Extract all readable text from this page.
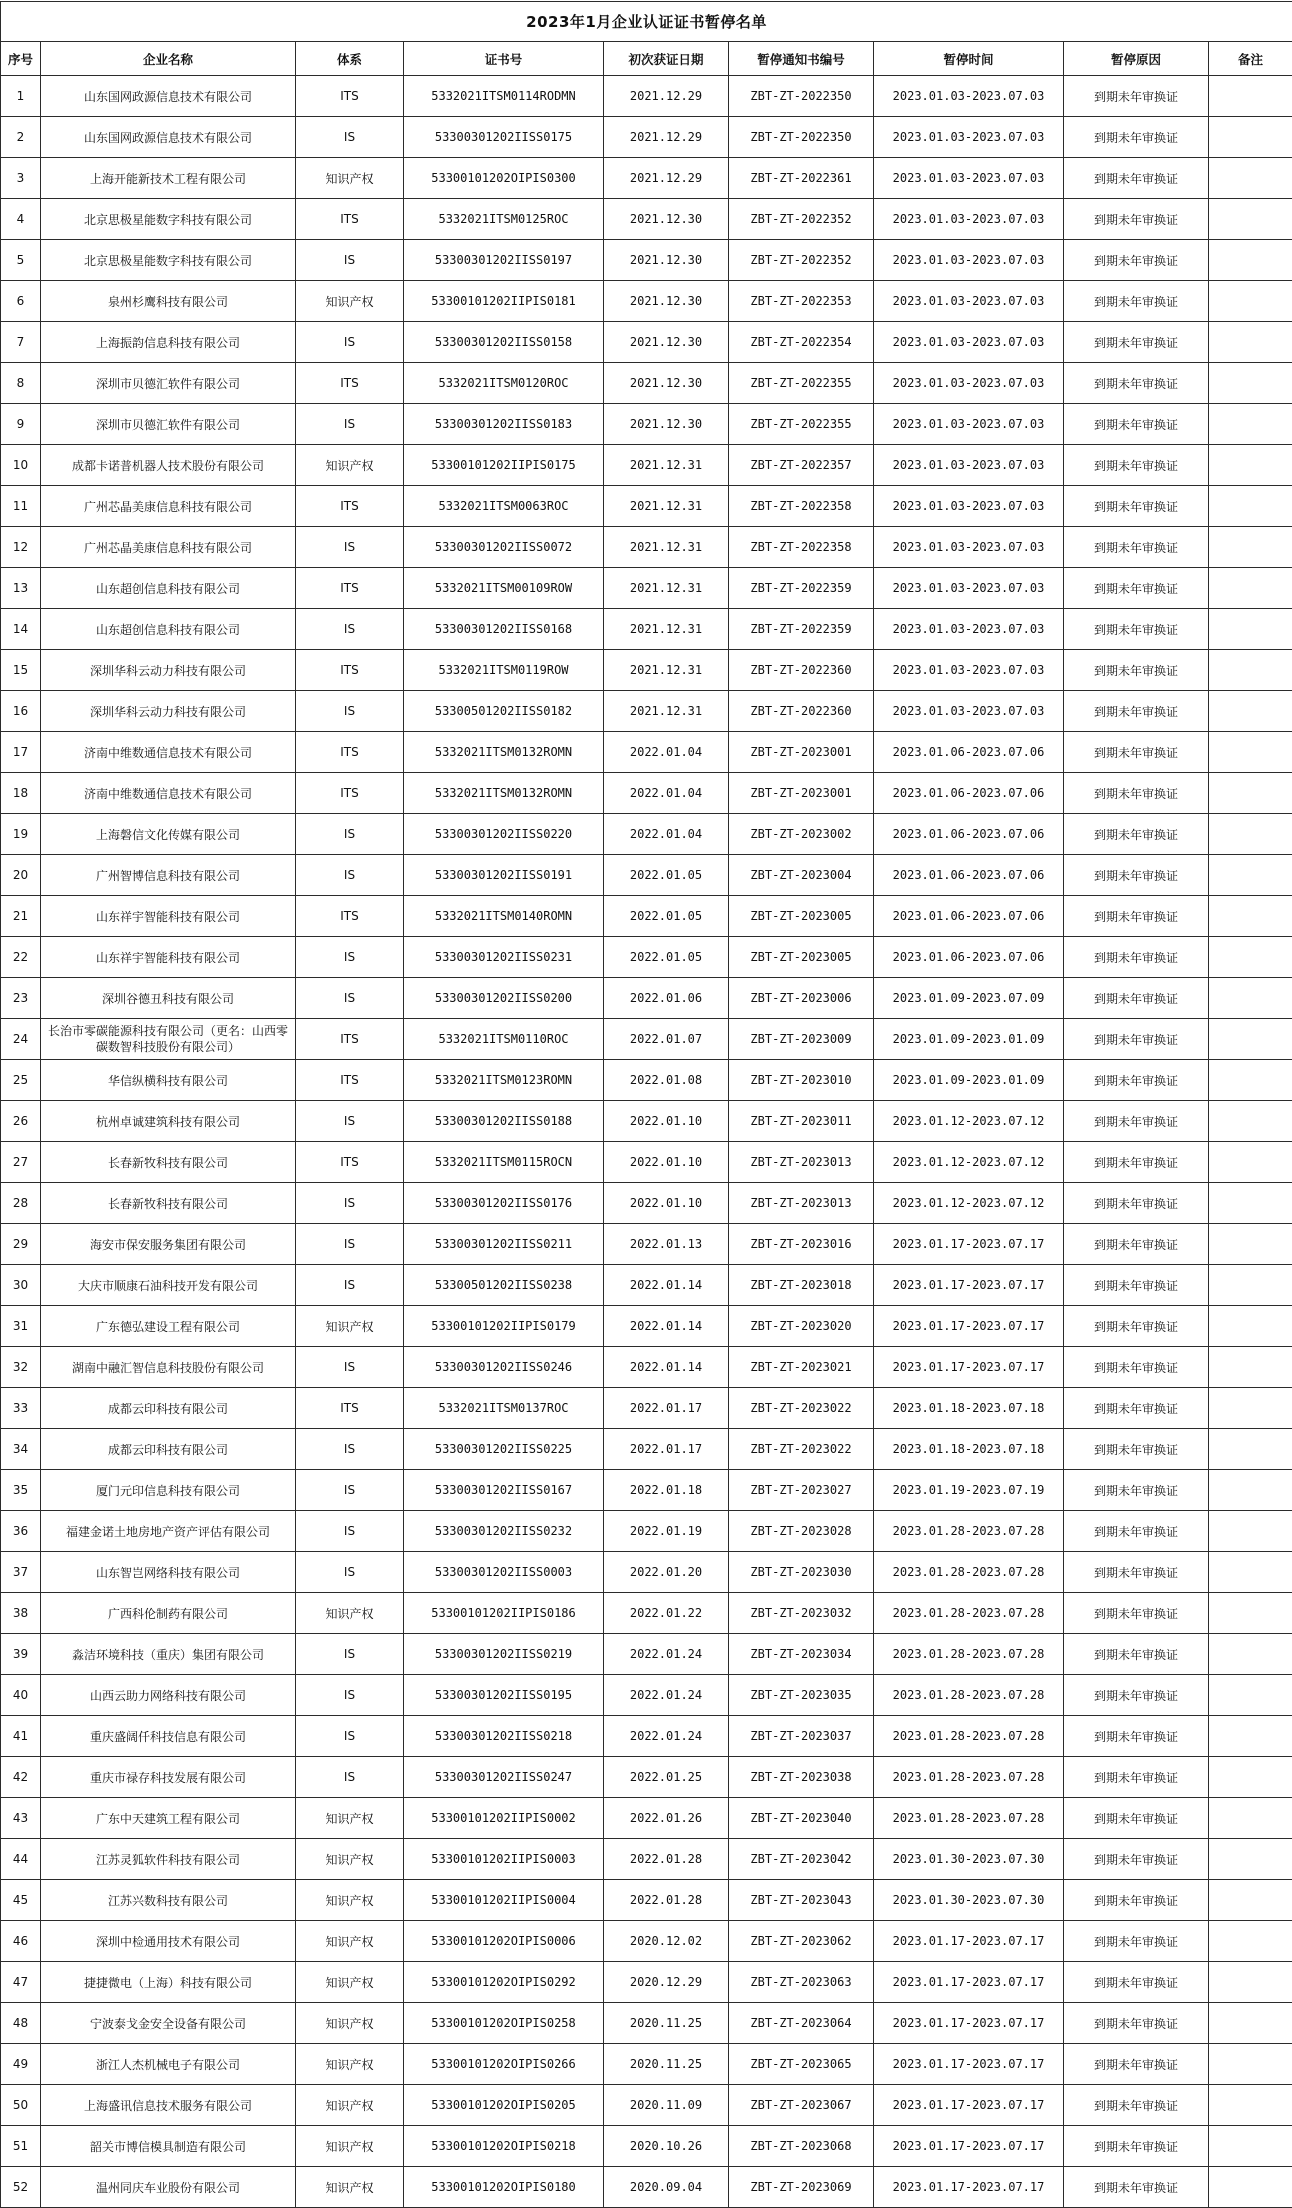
2023年1月企业认证证书暂停名单								
序号	企业名称	体系	证书号	初次获证日期	暂停通知书编号	暂停时间	暂停原因	备注
1	山东国网政源信息技术有限公司	ITS	5332021ITSM0114RODMN	2021.12.29	ZBT-ZT-2022350	2023.01.03-2023.07.03	到期未年审换证	
2	山东国网政源信息技术有限公司	IS	53300301202IISS0175	2021.12.29	ZBT-ZT-2022350	2023.01.03-2023.07.03	到期未年审换证	
3	上海开能新技术工程有限公司	知识产权	53300101202OIPIS0300	2021.12.29	ZBT-ZT-2022361	2023.01.03-2023.07.03	到期未年审换证	
4	北京思极星能数字科技有限公司	ITS	5332021ITSM0125ROC	2021.12.30	ZBT-ZT-2022352	2023.01.03-2023.07.03	到期未年审换证	
5	北京思极星能数字科技有限公司	IS	53300301202IISS0197	2021.12.30	ZBT-ZT-2022352	2023.01.03-2023.07.03	到期未年审换证	
6	泉州杉鹰科技有限公司	知识产权	53300101202IIPIS0181	2021.12.30	ZBT-ZT-2022353	2023.01.03-2023.07.03	到期未年审换证	
7	上海振韵信息科技有限公司	IS	53300301202IISS0158	2021.12.30	ZBT-ZT-2022354	2023.01.03-2023.07.03	到期未年审换证	
8	深圳市贝德汇软件有限公司	ITS	5332021ITSM0120ROC	2021.12.30	ZBT-ZT-2022355	2023.01.03-2023.07.03	到期未年审换证	
9	深圳市贝德汇软件有限公司	IS	53300301202IISS0183	2021.12.30	ZBT-ZT-2022355	2023.01.03-2023.07.03	到期未年审换证	
10	成都卡诺普机器人技术股份有限公司	知识产权	53300101202IIPIS0175	2021.12.31	ZBT-ZT-2022357	2023.01.03-2023.07.03	到期未年审换证	
11	广州芯晶美康信息科技有限公司	ITS	5332021ITSM0063ROC	2021.12.31	ZBT-ZT-2022358	2023.01.03-2023.07.03	到期未年审换证	
12	广州芯晶美康信息科技有限公司	IS	53300301202IISS0072	2021.12.31	ZBT-ZT-2022358	2023.01.03-2023.07.03	到期未年审换证	
13	山东超创信息科技有限公司	ITS	5332021ITSM00109ROW	2021.12.31	ZBT-ZT-2022359	2023.01.03-2023.07.03	到期未年审换证	
14	山东超创信息科技有限公司	IS	53300301202IISS0168	2021.12.31	ZBT-ZT-2022359	2023.01.03-2023.07.03	到期未年审换证	
15	深圳华科云动力科技有限公司	ITS	5332021ITSM0119ROW	2021.12.31	ZBT-ZT-2022360	2023.01.03-2023.07.03	到期未年审换证	
16	深圳华科云动力科技有限公司	IS	53300501202IISS0182	2021.12.31	ZBT-ZT-2022360	2023.01.03-2023.07.03	到期未年审换证	
17	济南中维数通信息技术有限公司	ITS	5332021ITSM0132ROMN	2022.01.04	ZBT-ZT-2023001	2023.01.06-2023.07.06	到期未年审换证	
18	济南中维数通信息技术有限公司	ITS	5332021ITSM0132ROMN	2022.01.04	ZBT-ZT-2023001	2023.01.06-2023.07.06	到期未年审换证	
19	上海磐信文化传媒有限公司	IS	53300301202IISS0220	2022.01.04	ZBT-ZT-2023002	2023.01.06-2023.07.06	到期未年审换证	
20	广州智博信息科技有限公司	IS	53300301202IISS0191	2022.01.05	ZBT-ZT-2023004	2023.01.06-2023.07.06	到期未年审换证	
21	山东祥宇智能科技有限公司	ITS	5332021ITSM0140ROMN	2022.01.05	ZBT-ZT-2023005	2023.01.06-2023.07.06	到期未年审换证	
22	山东祥宇智能科技有限公司	IS	53300301202IISS0231	2022.01.05	ZBT-ZT-2023005	2023.01.06-2023.07.06	到期未年审换证	
23	深圳谷德丑科技有限公司	IS	53300301202IISS0200	2022.01.06	ZBT-ZT-2023006	2023.01.09-2023.07.09	到期未年审换证	
24	长治市零碳能源科技有限公司（更名：山西零碳数智科技股份有限公司）	ITS	5332021ITSM0110ROC	2022.01.07	ZBT-ZT-2023009	2023.01.09-2023.01.09	到期未年审换证	
25	华信纵横科技有限公司	ITS	5332021ITSM0123ROMN	2022.01.08	ZBT-ZT-2023010	2023.01.09-2023.01.09	到期未年审换证	
26	杭州卓诚建筑科技有限公司	IS	53300301202IISS0188	2022.01.10	ZBT-ZT-2023011	2023.01.12-2023.07.12	到期未年审换证	
27	长春新牧科技有限公司	ITS	5332021ITSM0115ROCN	2022.01.10	ZBT-ZT-2023013	2023.01.12-2023.07.12	到期未年审换证	
28	长春新牧科技有限公司	IS	53300301202IISS0176	2022.01.10	ZBT-ZT-2023013	2023.01.12-2023.07.12	到期未年审换证	
29	海安市保安服务集团有限公司	IS	53300301202IISS0211	2022.01.13	ZBT-ZT-2023016	2023.01.17-2023.07.17	到期未年审换证	
30	大庆市顺康石油科技开发有限公司	IS	53300501202IISS0238	2022.01.14	ZBT-ZT-2023018	2023.01.17-2023.07.17	到期未年审换证	
31	广东德弘建设工程有限公司	知识产权	53300101202IIPIS0179	2022.01.14	ZBT-ZT-2023020	2023.01.17-2023.07.17	到期未年审换证	
32	湖南中融汇智信息科技股份有限公司	IS	53300301202IISS0246	2022.01.14	ZBT-ZT-2023021	2023.01.17-2023.07.17	到期未年审换证	
33	成都云印科技有限公司	ITS	5332021ITSM0137ROC	2022.01.17	ZBT-ZT-2023022	2023.01.18-2023.07.18	到期未年审换证	
34	成都云印科技有限公司	IS	53300301202IISS0225	2022.01.17	ZBT-ZT-2023022	2023.01.18-2023.07.18	到期未年审换证	
35	厦门元印信息科技有限公司	IS	53300301202IISS0167	2022.01.18	ZBT-ZT-2023027	2023.01.19-2023.07.19	到期未年审换证	
36	福建金诺土地房地产资产评估有限公司	IS	53300301202IISS0232	2022.01.19	ZBT-ZT-2023028	2023.01.28-2023.07.28	到期未年审换证	
37	山东智岂网络科技有限公司	IS	53300301202IISS0003	2022.01.20	ZBT-ZT-2023030	2023.01.28-2023.07.28	到期未年审换证	
38	广西科伦制药有限公司	知识产权	53300101202IIPIS0186	2022.01.22	ZBT-ZT-2023032	2023.01.28-2023.07.28	到期未年审换证	
39	淼洁环境科技（重庆）集团有限公司	IS	53300301202IISS0219	2022.01.24	ZBT-ZT-2023034	2023.01.28-2023.07.28	到期未年审换证	
40	山西云助力网络科技有限公司	IS	53300301202IISS0195	2022.01.24	ZBT-ZT-2023035	2023.01.28-2023.07.28	到期未年审换证	
41	重庆盛阔仟科技信息有限公司	IS	53300301202IISS0218	2022.01.24	ZBT-ZT-2023037	2023.01.28-2023.07.28	到期未年审换证	
42	重庆市禄存科技发展有限公司	IS	53300301202IISS0247	2022.01.25	ZBT-ZT-2023038	2023.01.28-2023.07.28	到期未年审换证	
43	广东中天建筑工程有限公司	知识产权	53300101202IIPIS0002	2022.01.26	ZBT-ZT-2023040	2023.01.28-2023.07.28	到期未年审换证	
44	江苏灵狐软件科技有限公司	知识产权	53300101202IIPIS0003	2022.01.28	ZBT-ZT-2023042	2023.01.30-2023.07.30	到期未年审换证	
45	江苏兴数科技有限公司	知识产权	53300101202IIPIS0004	2022.01.28	ZBT-ZT-2023043	2023.01.30-2023.07.30	到期未年审换证	
46	深圳中检通用技术有限公司	知识产权	53300101202OIPIS0006	2020.12.02	ZBT-ZT-2023062	2023.01.17-2023.07.17	到期未年审换证	
47	捷捷微电（上海）科技有限公司	知识产权	53300101202OIPIS0292	2020.12.29	ZBT-ZT-2023063	2023.01.17-2023.07.17	到期未年审换证	
48	宁波泰戈金安全设备有限公司	知识产权	53300101202OIPIS0258	2020.11.25	ZBT-ZT-2023064	2023.01.17-2023.07.17	到期未年审换证	
49	浙江人杰机械电子有限公司	知识产权	53300101202OIPIS0266	2020.11.25	ZBT-ZT-2023065	2023.01.17-2023.07.17	到期未年审换证	
50	上海盛讯信息技术服务有限公司	知识产权	53300101202OIPIS0205	2020.11.09	ZBT-ZT-2023067	2023.01.17-2023.07.17	到期未年审换证	
51	韶关市博信模具制造有限公司	知识产权	53300101202OIPIS0218	2020.10.26	ZBT-ZT-2023068	2023.01.17-2023.07.17	到期未年审换证	
52	温州同庆车业股份有限公司	知识产权	53300101202OIPIS0180	2020.09.04	ZBT-ZT-2023069	2023.01.17-2023.07.17	到期未年审换证	
